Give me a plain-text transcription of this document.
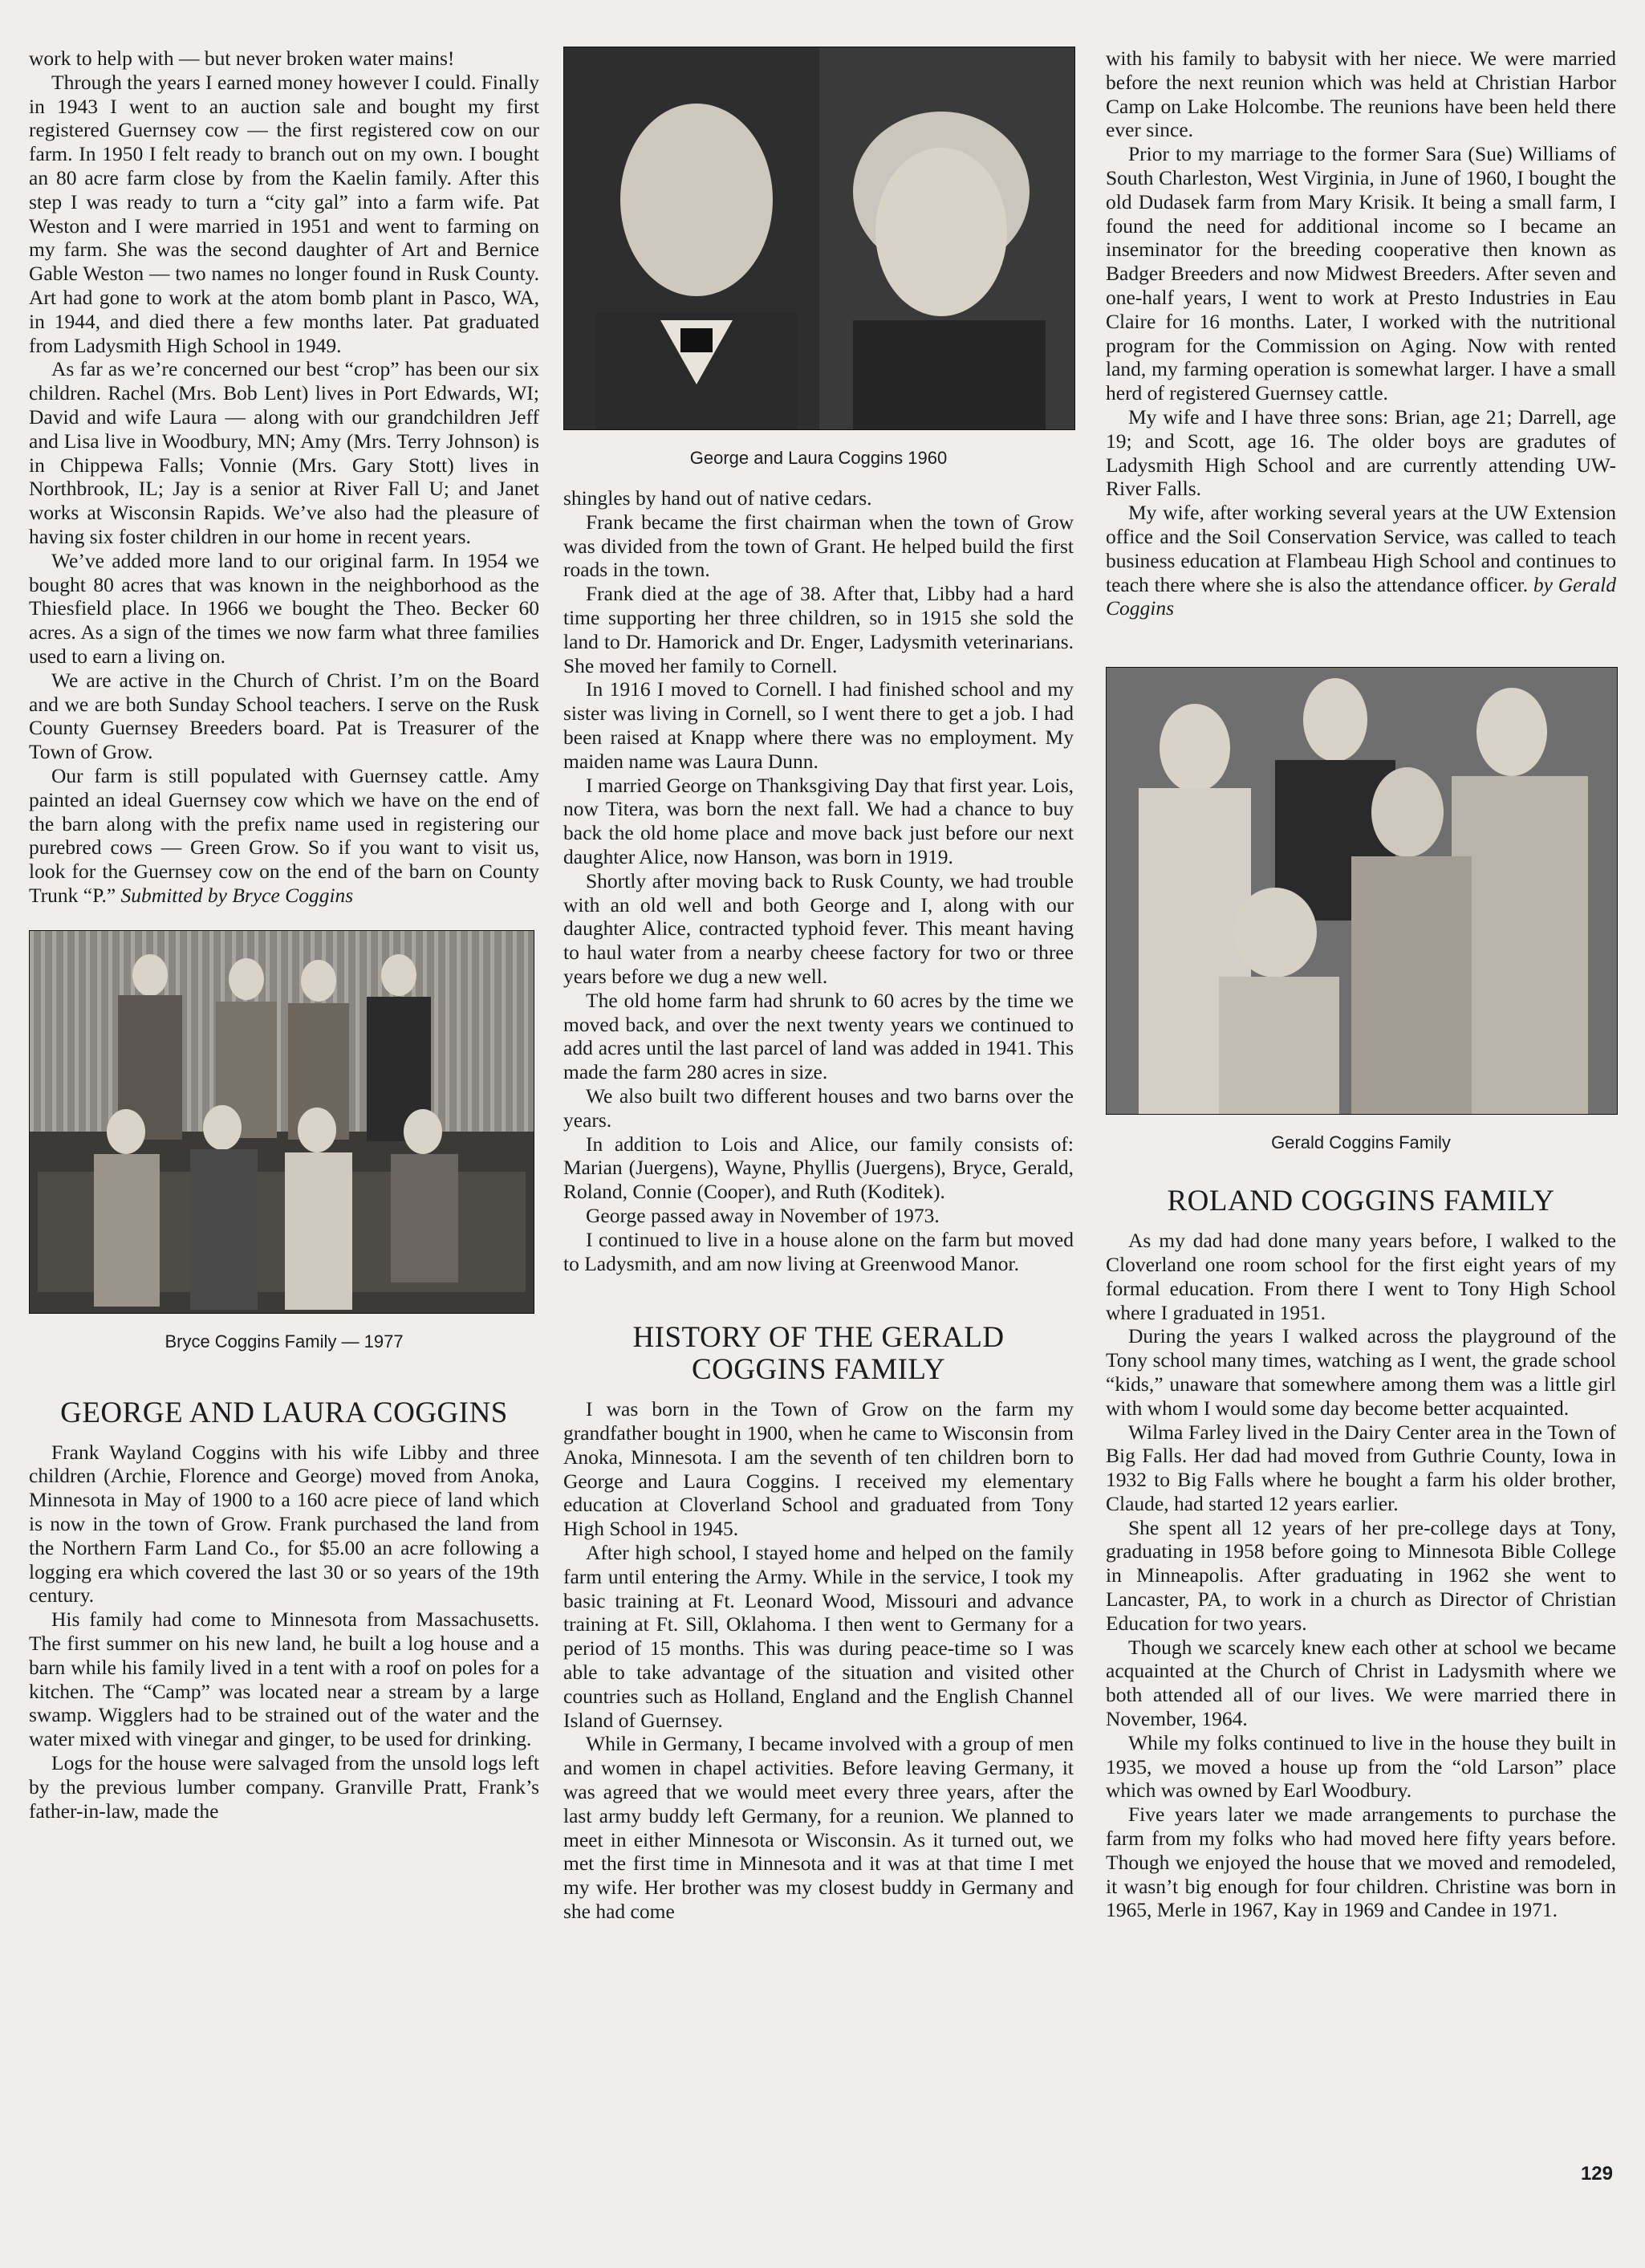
work to help with — but never broken water mains!

Through the years I earned money however I could. Finally in 1943 I went to an auction sale and bought my first registered Guernsey cow — the first registered cow on our farm. In 1950 I felt ready to branch out on my own. I bought an 80 acre farm close by from the Kaelin family. After this step I was ready to turn a “city gal” into a farm wife. Pat Weston and I were married in 1951 and went to farming on my farm. She was the second daughter of Art and Bernice Gable Weston — two names no longer found in Rusk County. Art had gone to work at the atom bomb plant in Pasco, WA, in 1944, and died there a few months later. Pat graduated from Ladysmith High School in 1949.

As far as we’re concerned our best “crop” has been our six children. Rachel (Mrs. Bob Lent) lives in Port Edwards, WI; David and wife Laura — along with our grandchildren Jeff and Lisa live in Woodbury, MN; Amy (Mrs. Terry Johnson) is in Chippewa Falls; Vonnie (Mrs. Gary Stott) lives in Northbrook, IL; Jay is a senior at River Fall U; and Janet works at Wisconsin Rapids. We’ve also had the pleasure of having six foster children in our home in recent years.

We’ve added more land to our original farm. In 1954 we bought 80 acres that was known in the neighborhood as the Thiesfield place. In 1966 we bought the Theo. Becker 60 acres. As a sign of the times we now farm what three families used to earn a living on.

We are active in the Church of Christ. I’m on the Board and we are both Sunday School teachers. I serve on the Rusk County Guernsey Breeders board. Pat is Treasurer of the Town of Grow.

Our farm is still populated with Guernsey cattle. Amy painted an ideal Guernsey cow which we have on the end of the barn along with the prefix name used in registering our purebred cows — Green Grow. So if you want to visit us, look for the Guernsey cow on the end of the barn on County Trunk “P.” Submitted by Bryce Coggins

Bryce Coggins Family — 1977

GEORGE AND LAURA COGGINS

Frank Wayland Coggins with his wife Libby and three children (Archie, Florence and George) moved from Anoka, Minnesota in May of 1900 to a 160 acre piece of land which is now in the town of Grow. Frank purchased the land from the Northern Farm Land Co., for $5.00 an acre following a logging era which covered the last 30 or so years of the 19th century.

His family had come to Minnesota from Massachusetts. The first summer on his new land, he built a log house and a barn while his family lived in a tent with a roof on poles for a kitchen. The “Camp” was located near a stream by a large swamp. Wigglers had to be strained out of the water and the water mixed with vinegar and ginger, to be used for drinking.

Logs for the house were salvaged from the unsold logs left by the previous lumber company. Granville Pratt, Frank’s father-in-law, made the

George and Laura Coggins 1960

shingles by hand out of native cedars.

Frank became the first chairman when the town of Grow was divided from the town of Grant. He helped build the first roads in the town.

Frank died at the age of 38. After that, Libby had a hard time supporting her three children, so in 1915 she sold the land to Dr. Hamorick and Dr. Enger, Ladysmith veterinarians. She moved her family to Cornell.

In 1916 I moved to Cornell. I had finished school and my sister was living in Cornell, so I went there to get a job. I had been raised at Knapp where there was no employment. My maiden name was Laura Dunn.

I married George on Thanksgiving Day that first year. Lois, now Titera, was born the next fall. We had a chance to buy back the old home place and move back just before our next daughter Alice, now Hanson, was born in 1919.

Shortly after moving back to Rusk County, we had trouble with an old well and both George and I, along with our daughter Alice, contracted typhoid fever. This meant having to haul water from a nearby cheese factory for two or three years before we dug a new well.

The old home farm had shrunk to 60 acres by the time we moved back, and over the next twenty years we continued to add acres until the last parcel of land was added in 1941. This made the farm 280 acres in size.

We also built two different houses and two barns over the years.

In addition to Lois and Alice, our family consists of: Marian (Juergens), Wayne, Phyllis (Juergens), Bryce, Gerald, Roland, Connie (Cooper), and Ruth (Koditek).

George passed away in November of 1973.

I continued to live in a house alone on the farm but moved to Ladysmith, and am now living at Greenwood Manor.

HISTORY OF THE GERALD COGGINS FAMILY

I was born in the Town of Grow on the farm my grandfather bought in 1900, when he came to Wisconsin from Anoka, Minnesota. I am the seventh of ten children born to George and Laura Coggins. I received my elementary education at Cloverland School and graduated from Tony High School in 1945.

After high school, I stayed home and helped on the family farm until entering the Army. While in the service, I took my basic training at Ft. Leonard Wood, Missouri and advance training at Ft. Sill, Oklahoma. I then went to Germany for a period of 15 months. This was during peace-time so I was able to take advantage of the situation and visited other countries such as Holland, England and the English Channel Island of Guernsey.

While in Germany, I became involved with a group of men and women in chapel activities. Before leaving Germany, it was agreed that we would meet every three years, after the last army buddy left Germany, for a reunion. We planned to meet in either Minnesota or Wisconsin. As it turned out, we met the first time in Minnesota and it was at that time I met my wife. Her brother was my closest buddy in Germany and she had come

with his family to babysit with her niece. We were married before the next reunion which was held at Christian Harbor Camp on Lake Holcombe. The reunions have been held there ever since.

Prior to my marriage to the former Sara (Sue) Williams of South Charleston, West Virginia, in June of 1960, I bought the old Dudasek farm from Mary Krisik. It being a small farm, I found the need for additional income so I became an inseminator for the breeding cooperative then known as Badger Breeders and now Midwest Breeders. After seven and one-half years, I went to work at Presto Industries in Eau Claire for 16 months. Later, I worked with the nutritional program for the Commission on Aging. Now with rented land, my farming operation is somewhat larger. I have a small herd of registered Guernsey cattle.

My wife and I have three sons: Brian, age 21; Darrell, age 19; and Scott, age 16. The older boys are gradutes of Ladysmith High School and are currently attending UW-River Falls.

My wife, after working several years at the UW Extension office and the Soil Conservation Service, was called to teach business education at Flambeau High School and continues to teach there where she is also the attendance officer. by Gerald Coggins

Gerald Coggins Family

ROLAND COGGINS FAMILY

As my dad had done many years before, I walked to the Cloverland one room school for the first eight years of my formal education. From there I went to Tony High School where I graduated in 1951.

During the years I walked across the playground of the Tony school many times, watching as I went, the grade school “kids,” unaware that somewhere among them was a little girl with whom I would some day become better acquainted.

Wilma Farley lived in the Dairy Center area in the Town of Big Falls. Her dad had moved from Guthrie County, Iowa in 1932 to Big Falls where he bought a farm his older brother, Claude, had started 12 years earlier.

She spent all 12 years of her pre-college days at Tony, graduating in 1958 before going to Minnesota Bible College in Minneapolis. After graduating in 1962 she went to Lancaster, PA, to work in a church as Director of Christian Education for two years.

Though we scarcely knew each other at school we became acquainted at the Church of Christ in Ladysmith where we both attended all of our lives. We were married there in November, 1964.

While my folks continued to live in the house they built in 1935, we moved a house up from the “old Larson” place which was owned by Earl Woodbury.

Five years later we made arrangements to purchase the farm from my folks who had moved here fifty years before. Though we enjoyed the house that we moved and remodeled, it wasn’t big enough for four children. Christine was born in 1965, Merle in 1967, Kay in 1969 and Candee in 1971.

129
